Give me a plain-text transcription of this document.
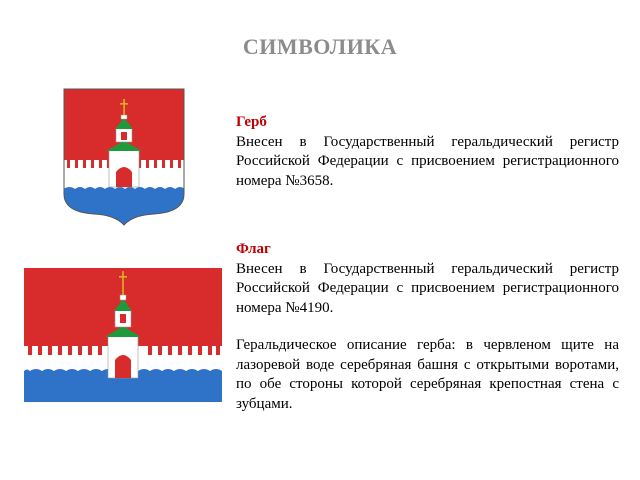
СИМВОЛИКА
Герб

Внесен в Государственный геральдический регистр Российской Федерации с присвоением регистрационного номера №3658.

Флаг

Внесен в Государственный геральдический регистр Российской Федерации с присвоением регистрационного номера №4190.

Геральдическое описание герба: в червленом щите на лазоревой воде серебряная башня с открытыми воротами, по обе стороны которой серебряная крепостная стена с зубцами.
